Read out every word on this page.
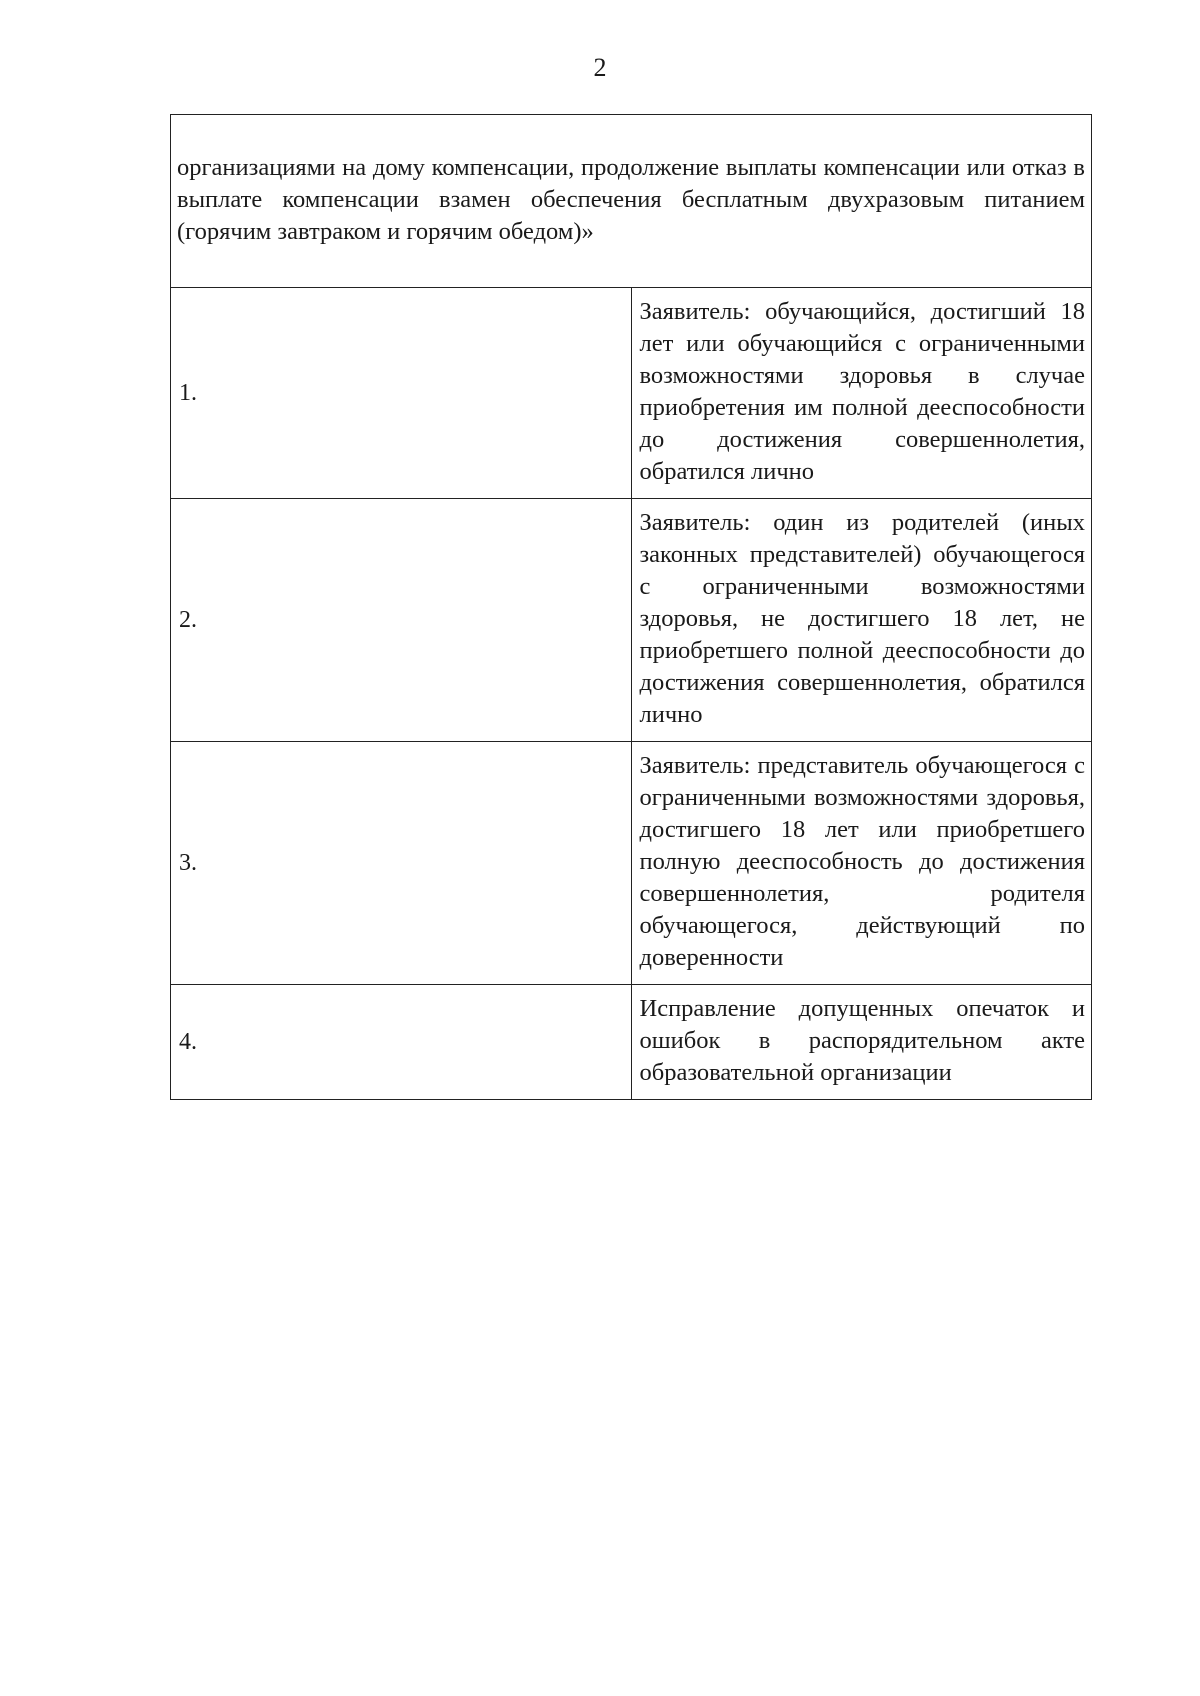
2
организациями на дому компенсации, продолжение выплаты компенсации или отказ в выплате компенсации взамен обеспечения бесплатным двухразовым питанием (горячим завтраком и горячим обедом)»	
1.	Заявитель: обучающийся, достигший 18 лет или обучающийся с ограниченными возможностями здоровья в случае приобретения им полной дееспособности до достижения совершеннолетия, обратился лично
2.	Заявитель: один из родителей (иных законных представителей) обучающегося с ограниченными возможностями здоровья, не достигшего 18 лет, не приобретшего полной дееспособности до достижения совершеннолетия, обратился лично
3.	Заявитель: представитель обучающегося с ограниченными возможностями здоровья, достигшего 18 лет или приобретшего полную дееспособность до достижения совершеннолетия, родителя обучающегося, действующий по доверенности
4.	Исправление допущенных опечаток и ошибок в распорядительном акте образовательной организации
